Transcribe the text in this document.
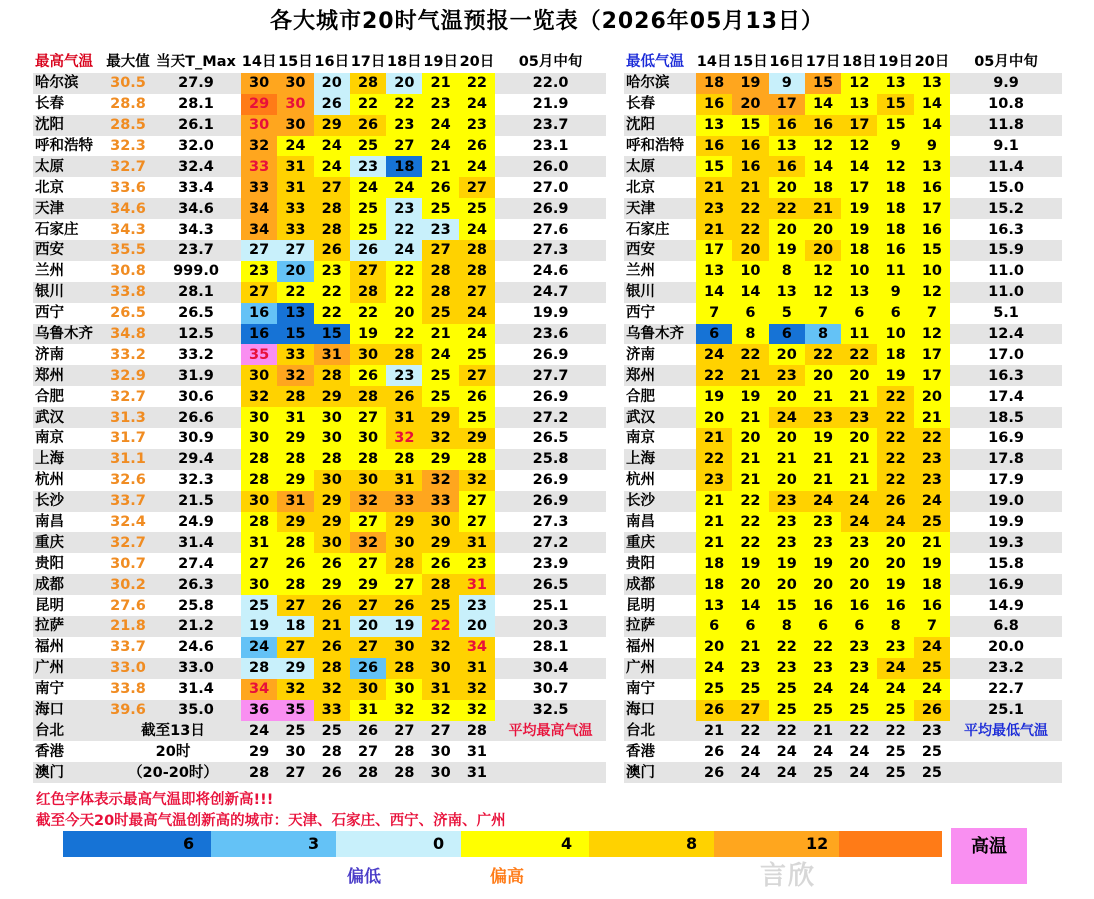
各大城市20时气温预报一览表（2026年05月13日）
最高气温	最大值	当天T_Max	14日	15日	16日	17日	18日	19日	20日	05月中旬
哈尔滨	30.5	27.9	30	30	20	28	20	21	22	22.0
长春	28.8	28.1	29	30	26	22	22	23	24	21.9
沈阳	28.5	26.1	30	30	29	26	23	24	23	23.7
呼和浩特	32.3	32.0	32	24	24	25	27	24	26	23.1
太原	32.7	32.4	33	31	24	23	18	21	24	26.0
北京	33.6	33.4	33	31	27	24	24	26	27	27.0
天津	34.6	34.6	34	33	28	25	23	25	25	26.9
石家庄	34.3	34.3	34	33	28	25	22	23	24	27.6
西安	35.5	23.7	27	27	26	26	24	27	28	27.3
兰州	30.8	999.0	23	20	23	27	22	28	28	24.6
银川	33.8	28.1	27	22	22	28	22	28	27	24.7
西宁	26.5	26.5	16	13	22	22	20	25	24	19.9
乌鲁木齐	34.8	12.5	16	15	15	19	22	21	24	23.6
济南	33.2	33.2	35	33	31	30	28	24	25	26.9
郑州	32.9	31.9	30	32	28	26	23	25	27	27.7
合肥	32.7	30.6	32	28	29	28	26	25	26	26.9
武汉	31.3	26.6	30	31	30	27	31	29	25	27.2
南京	31.7	30.9	30	29	30	30	32	32	29	26.5
上海	31.1	29.4	28	28	28	28	28	29	28	25.8
杭州	32.6	32.3	28	29	30	30	31	32	32	26.9
长沙	33.7	21.5	30	31	29	32	33	33	27	26.9
南昌	32.4	24.9	28	29	29	27	29	30	27	27.3
重庆	32.7	31.4	31	28	30	32	30	29	31	27.2
贵阳	30.7	27.4	27	26	26	27	28	26	23	23.9
成都	30.2	26.3	30	28	29	29	27	28	31	26.5
昆明	27.6	25.8	25	27	26	27	26	25	23	25.1
拉萨	21.8	21.2	19	18	21	20	19	22	20	20.3
福州	33.7	24.6	24	27	26	27	30	32	34	28.1
广州	33.0	33.0	28	29	28	26	28	30	31	30.4
南宁	33.8	31.4	34	32	32	30	30	31	32	30.7
海口	39.6	35.0	36	35	33	31	32	32	32	32.5
台北	截至13日		24	25	25	26	27	27	28	平均最高气温
香港	20时		29	30	28	27	28	30	31	
澳门	（20-20时）		28	27	26	28	28	30	31	
最低气温	14日	15日	16日	17日	18日	19日	20日	05月中旬
哈尔滨	18	19	9	15	12	13	13	9.9
长春	16	20	17	14	13	15	14	10.8
沈阳	13	15	16	16	17	15	14	11.8
呼和浩特	16	16	13	12	12	9	9	9.1
太原	15	16	16	14	14	12	13	11.4
北京	21	21	20	18	17	18	16	15.0
天津	23	22	22	21	19	18	17	15.2
石家庄	21	22	20	20	19	18	16	16.3
西安	17	20	19	20	18	16	15	15.9
兰州	13	10	8	12	10	11	10	11.0
银川	14	14	13	12	13	9	12	11.0
西宁	7	6	5	7	6	6	7	5.1
乌鲁木齐	6	8	6	8	11	10	12	12.4
济南	24	22	20	22	22	18	17	17.0
郑州	22	21	23	20	20	19	17	16.3
合肥	19	19	20	21	21	22	20	17.4
武汉	20	21	24	23	23	22	21	18.5
南京	21	20	20	19	20	22	22	16.9
上海	22	21	21	21	21	22	23	17.8
杭州	23	21	20	21	21	22	23	17.9
长沙	21	22	23	24	24	26	24	19.0
南昌	21	22	23	23	24	24	25	19.9
重庆	21	22	23	23	23	20	21	19.3
贵阳	18	19	19	19	20	20	19	15.8
成都	18	20	20	20	20	19	18	16.9
昆明	13	14	15	16	16	16	16	14.9
拉萨	6	6	8	6	6	8	7	6.8
福州	20	21	22	22	23	23	24	20.0
广州	24	23	23	23	23	24	25	23.2
南宁	25	25	25	24	24	24	24	22.7
海口	26	27	25	25	25	25	26	25.1
台北	21	22	22	21	22	22	23	平均最低气温
香港	26	24	24	24	24	25	25	
澳门	26	24	24	25	24	25	25	
红色字体表示最高气温即将创新高!!!
截至今天20时最高气温创新高的城市：天津、石家庄、西宁、济南、广州
6	3	0	4	8	12	高温
偏低	偏高	言欣
